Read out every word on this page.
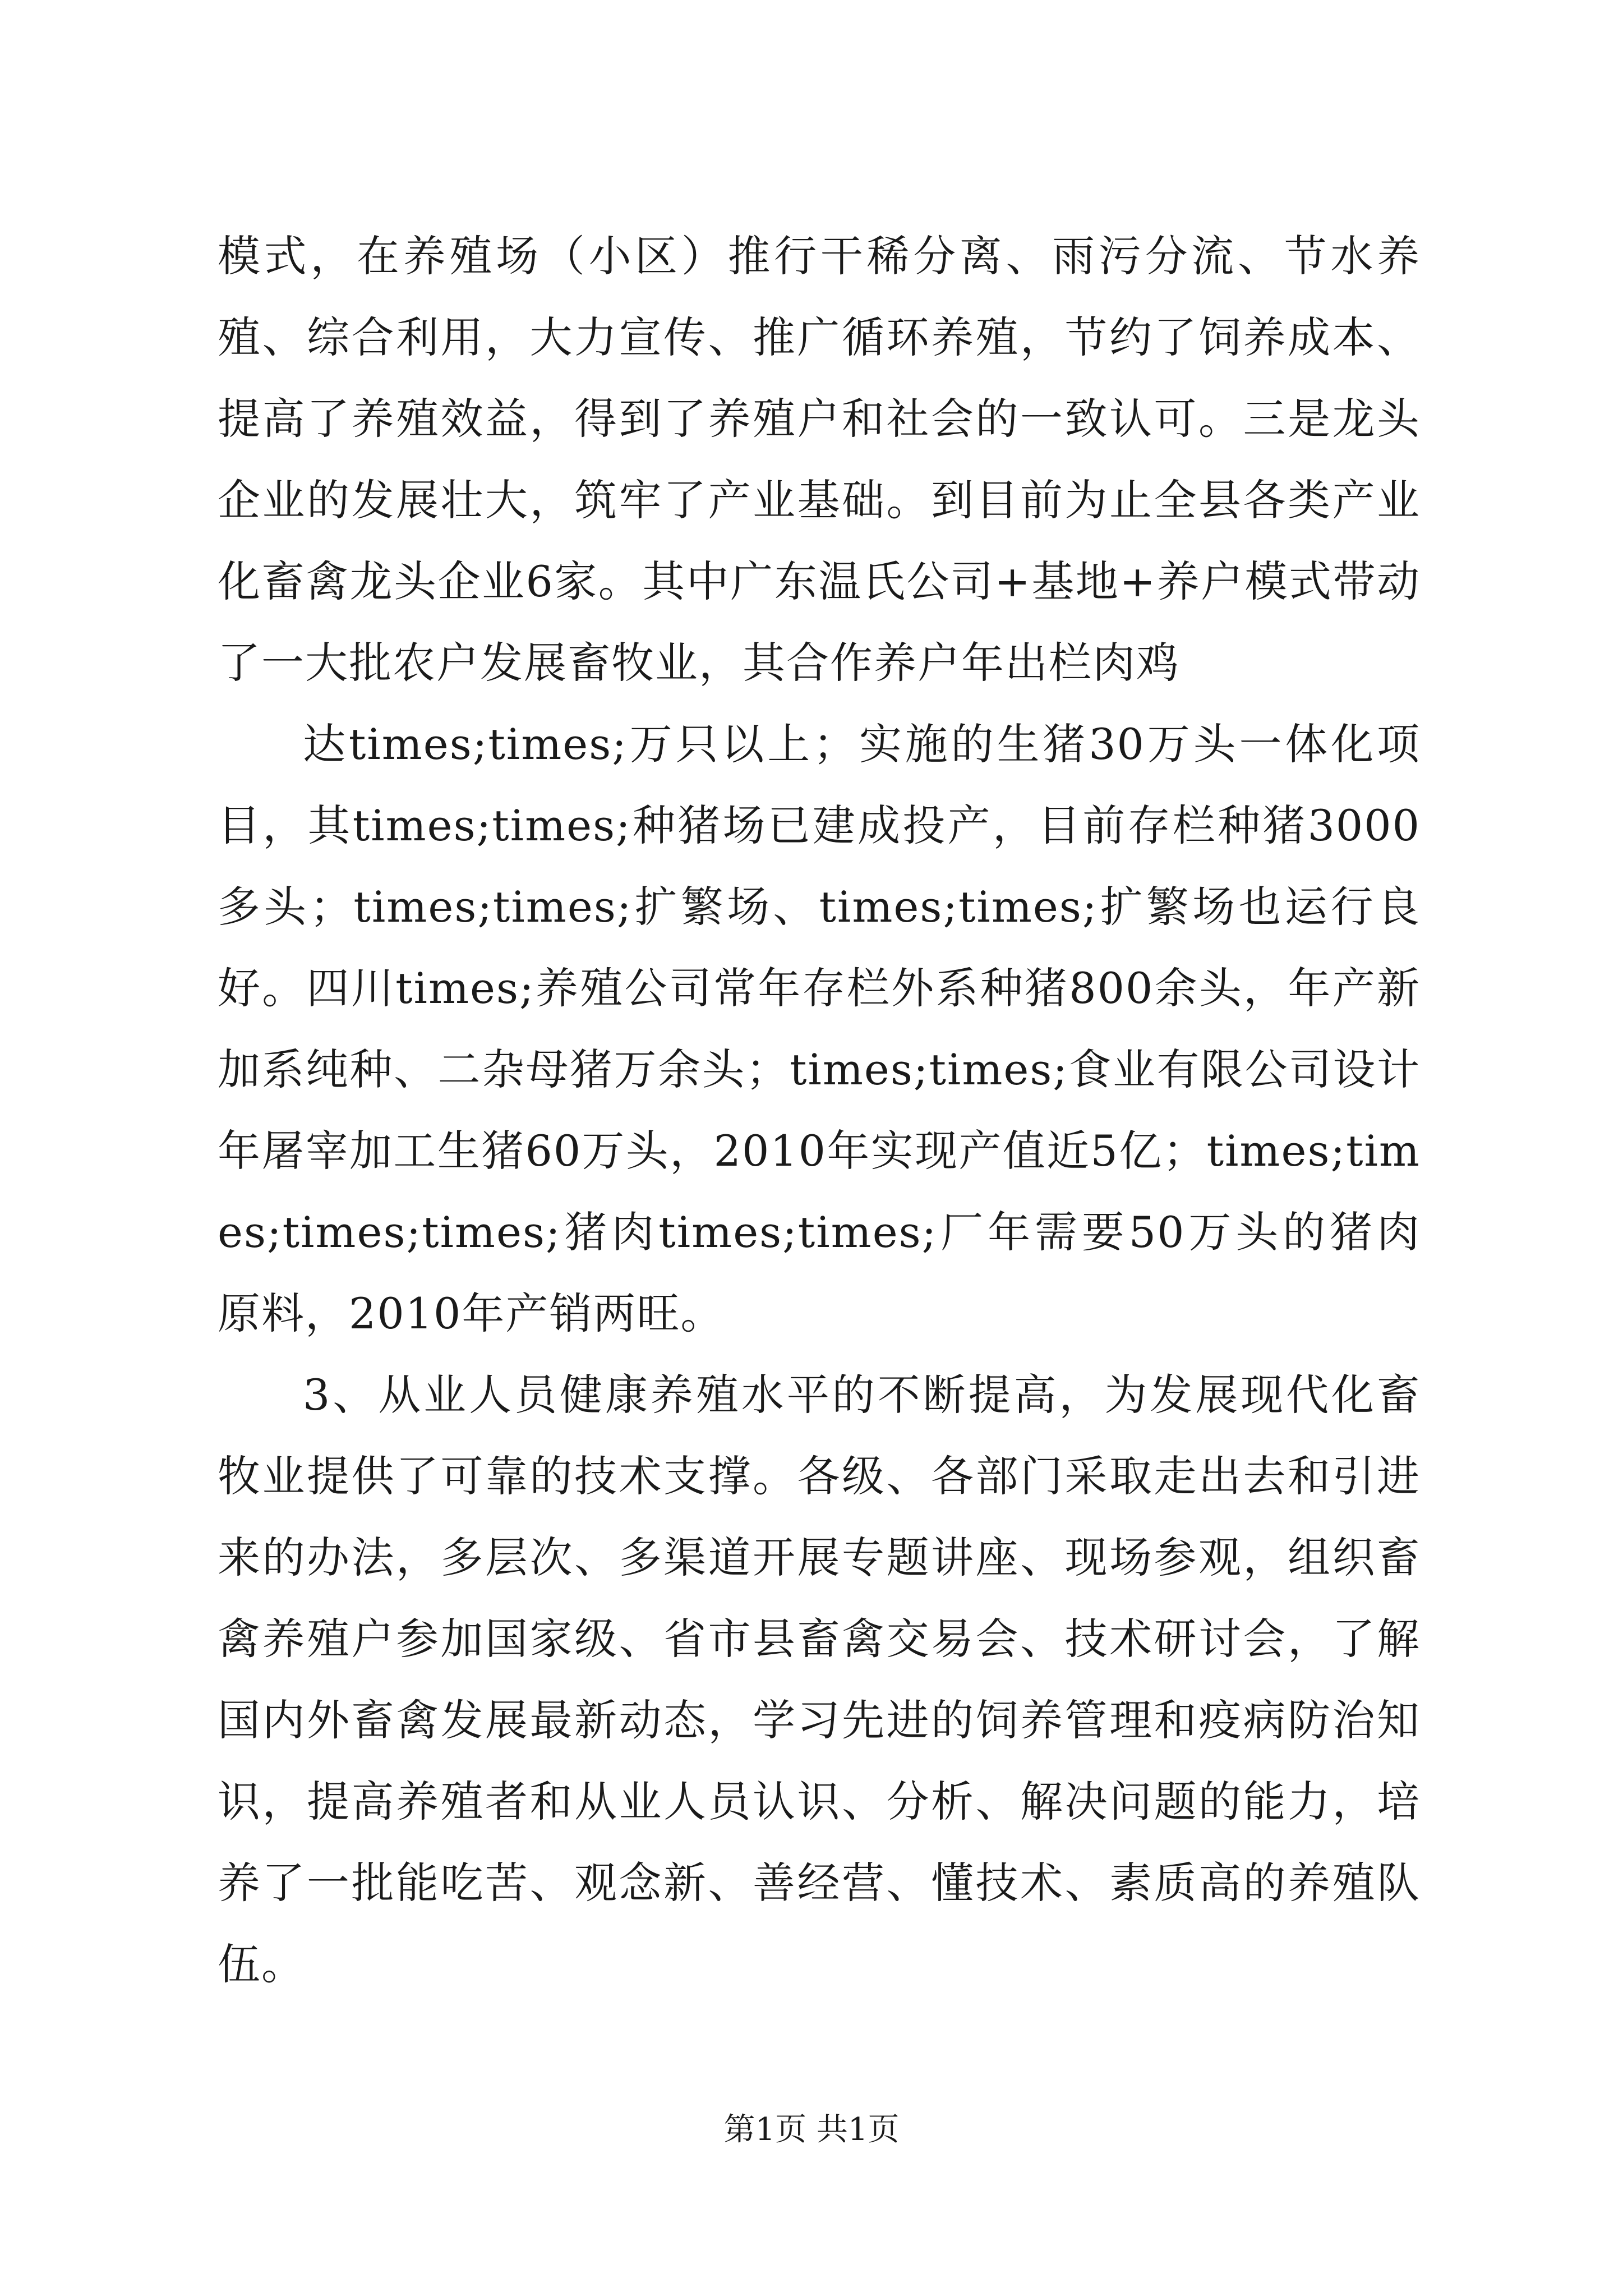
模式，在养殖场（小区）推行干稀分离、雨污分流、节水养殖、综合利用，大力宣传、推广循环养殖，节约了饲养成本、提高了养殖效益，得到了养殖户和社会的一致认可。三是龙头企业的发展壮大，筑牢了产业基础。到目前为止全县各类产业化畜禽龙头企业6家。其中广东温氏公司+基地+养户模式带动了一大批农户发展畜牧业，其合作养户年出栏肉鸡

达times;times;万只以上；实施的生猪30万头一体化项目，其times;times;种猪场已建成投产，目前存栏种猪3000多头；times;times;扩繁场、times;times;扩繁场也运行良好。四川times;养殖公司常年存栏外系种猪800余头，年产新加系纯种、二杂母猪万余头；times;times;食业有限公司设计年屠宰加工生猪60万头，2010年实现产值近5亿；times;times;times;times;猪肉times;times;厂年需要50万头的猪肉原料，2010年产销两旺。

3、从业人员健康养殖水平的不断提高，为发展现代化畜牧业提供了可靠的技术支撑。各级、各部门采取走出去和引进来的办法，多层次、多渠道开展专题讲座、现场参观，组织畜禽养殖户参加国家级、省市县畜禽交易会、技术研讨会，了解国内外畜禽发展最新动态，学习先进的饲养管理和疫病防治知识，提高养殖者和从业人员认识、分析、解决问题的能力，培养了一批能吃苦、观念新、善经营、懂技术、素质高的养殖队伍。

第1页 共1页
